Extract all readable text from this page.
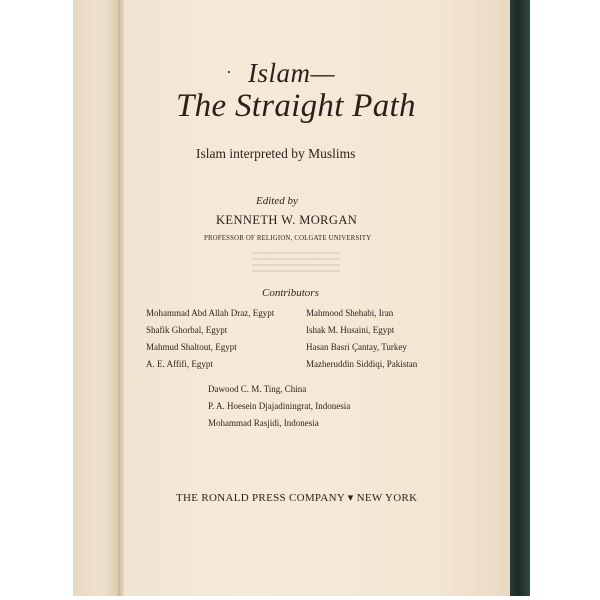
Islam—
The Straight Path
Islam interpreted by Muslims
Edited by
KENNETH W. MORGAN
PROFESSOR OF RELIGION, COLGATE UNIVERSITY
Contributors
Mohammad Abd Allah Draz, Egypt
Shafik Ghorbal, Egypt
Mahmud Shaltout, Egypt
A. E. Affifi, Egypt
Mahmood Shehabi, Iran
Ishak M. Husaini, Egypt
Hasan Basri Çantay, Turkey
Mazheruddin Siddiqi, Pakistan
Dawood C. M. Ting, China
P. A. Hoesein Djajadiningrat, Indonesia
Mohammad Rasjidi, Indonesia
THE RONALD PRESS COMPANY ▾ NEW YORK
